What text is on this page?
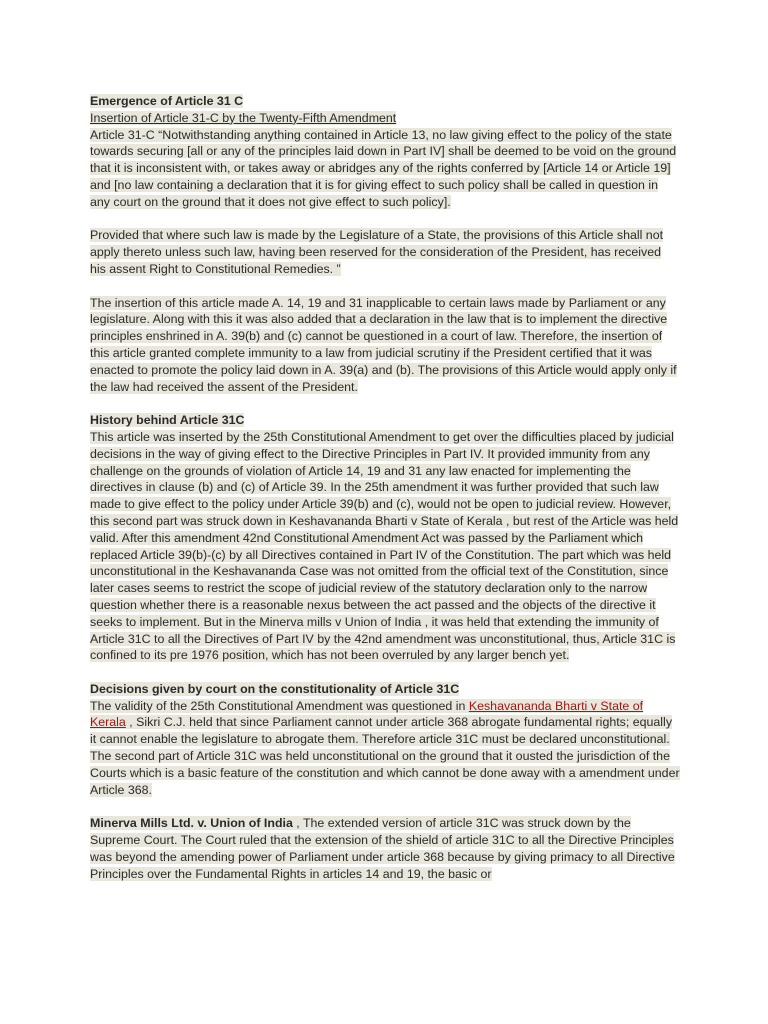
Emergence of Article 31 C
Insertion of Article 31-C by the Twenty-Fifth Amendment
Article 31-C “Notwithstanding anything contained in Article 13, no law giving effect to the policy of the state towards securing [all or any of the principles laid down in Part IV] shall be deemed to be void on the ground that it is inconsistent with, or takes away or abridges any of the rights conferred by [Article 14 or Article 19] and [no law containing a declaration that it is for giving effect to such policy shall be called in question in any court on the ground that it does not give effect to such policy].

Provided that where such law is made by the Legislature of a State, the provisions of this Article shall not apply thereto unless such law, having been reserved for the consideration of the President, has received his assent Right to Constitutional Remedies. ”

The insertion of this article made A. 14, 19 and 31 inapplicable to certain laws made by Parliament or any legislature. Along with this it was also added that a declaration in the law that is to implement the directive principles enshrined in A. 39(b) and (c) cannot be questioned in a court of law. Therefore, the insertion of this article granted complete immunity to a law from judicial scrutiny if the President certified that it was enacted to promote the policy laid down in A. 39(a) and (b). The provisions of this Article would apply only if the law had received the assent of the President.

History behind Article 31C
This article was inserted by the 25th Constitutional Amendment to get over the difficulties placed by judicial decisions in the way of giving effect to the Directive Principles in Part IV. It provided immunity from any challenge on the grounds of violation of Article 14, 19 and 31 any law enacted for implementing the directives in clause (b) and (c) of Article 39. In the 25th amendment it was further provided that such law made to give effect to the policy under Article 39(b) and (c), would not be open to judicial review. However, this second part was struck down in Keshavananda Bharti v State of Kerala , but rest of the Article was held valid. After this amendment 42nd Constitutional Amendment Act was passed by the Parliament which replaced Article 39(b)-(c) by all Directives contained in Part IV of the Constitution. The part which was held unconstitutional in the Keshavananda Case was not omitted from the official text of the Constitution, since later cases seems to restrict the scope of judicial review of the statutory declaration only to the narrow question whether there is a reasonable nexus between the act passed and the objects of the directive it seeks to implement. But in the Minerva mills v Union of India , it was held that extending the immunity of Article 31C to all the Directives of Part IV by the 42nd amendment was unconstitutional, thus, Article 31C is confined to its pre 1976 position, which has not been overruled by any larger bench yet.

Decisions given by court on the constitutionality of Article 31C
The validity of the 25th Constitutional Amendment was questioned in Keshavananda Bharti v State of Kerala , Sikri C.J. held that since Parliament cannot under article 368 abrogate fundamental rights; equally it cannot enable the legislature to abrogate them. Therefore article 31C must be declared unconstitutional. The second part of Article 31C was held unconstitutional on the ground that it ousted the jurisdiction of the Courts which is a basic feature of the constitution and which cannot be done away with a amendment under Article 368.

Minerva Mills Ltd. v. Union of India , The extended version of article 31C was struck down by the Supreme Court. The Court ruled that the extension of the shield of article 31C to all the Directive Principles was beyond the amending power of Parliament under article 368 because by giving primacy to all Directive Principles over the Fundamental Rights in articles 14 and 19, the basic or
